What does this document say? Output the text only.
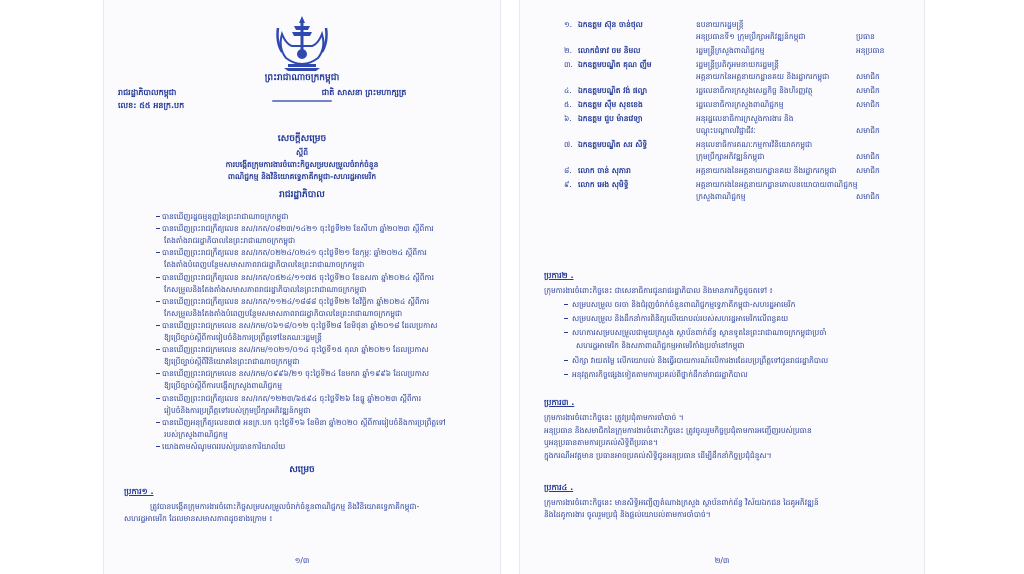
ព្រះរាជាណាចក្រកម្ពុជា
ជាតិ សាសនា ព្រះមហាក្សត្រ
រាជរដ្ឋាភិបាលកម្ពុជា
លេខ: ៥៥ អនក្រ.បក
សេចក្តីសម្រេច
ស្តីពី
ការបង្កើតក្រុមការងារចំពោះកិច្ចសម្របសម្រួលចំរាក់ចំនួន
ពាណិជ្ជកម្ម និងវិនិយោគទ្វេភាគីកម្ពុជា-សហរដ្ឋអាមេរិក
រាជរដ្ឋាភិបាល
បានឃើញរដ្ឋធម្មនុញ្ញនៃព្រះរាជាណាចក្រកម្ពុជា
បានឃើញព្រះរាជក្រឹត្យលេខ នស/រកត/០៨២៣/១៤២១ ចុះថ្ងៃទី២២ ខែសីហា ឆ្នាំ២០២៣ ស្តីពីការ
តែងតាំងរាជរដ្ឋាភិបាលនៃព្រះរាជាណាចក្រកម្ពុជា
បានឃើញព្រះរាជក្រឹត្យលេខ នស/រកត/០២២៤/០២៤១ ចុះថ្ងៃទី២១ ខែកុម្ភៈ ឆ្នាំ២០២៤ ស្តីពីការ
តែងតាំងបំពេញបន្ថែមសមាសភាពរាជរដ្ឋាភិបាលនៃព្រះរាជាណាចក្រកម្ពុជា
បានឃើញព្រះរាជក្រឹត្យលេខ នស/រកត/០៥២៤/១១៧៥ ចុះថ្ងៃទី២០ ខែឧសភា ឆ្នាំ២០២៤ ស្តីពីការ
កែសម្រួលនិងតែងតាំងសមាសភាពរាជរដ្ឋាភិបាលនៃព្រះរាជាណាចក្រកម្ពុជា
បានឃើញព្រះរាជក្រឹត្យលេខ នស/រកត/១១២៤/១៨៨៨ ចុះថ្ងៃទី២២ ខែវិច្ឆិកា ឆ្នាំ២០២៤ ស្តីពីការ
កែសម្រួលនិងតែងតាំងបំពេញបន្ថែមសមាសភាពរាជរដ្ឋាភិបាលនៃព្រះរាជាណាចក្រកម្ពុជា
បានឃើញព្រះរាជក្រមលេខ នស/រកម/០៦១៨/០១២ ចុះថ្ងៃទី២៨ ខែមិថុនា ឆ្នាំ២០១៨ ដែលប្រកាស
ឱ្យប្រើច្បាប់ស្តីពីការរៀបចំនិងការប្រព្រឹត្តទៅនៃគណៈរដ្ឋមន្ត្រី
បានឃើញព្រះរាជក្រមលេខ នស/រកម/១០២១/០១៤ ចុះថ្ងៃទី១៥ តុលា ឆ្នាំ២០២១ ដែលប្រកាស
ឱ្យប្រើច្បាប់ស្តីពីវិនិយោគនៃព្រះរាជាណាចក្រកម្ពុជា
បានឃើញព្រះរាជក្រមលេខ នស/រកម/០៩៩៦/២១ ចុះថ្ងៃទី២៤ ខែមករា ឆ្នាំ១៩៩៦ ដែលប្រកាស
ឱ្យប្រើច្បាប់ស្តីពីការបង្កើតក្រសួងពាណិជ្ជកម្ម
បានឃើញព្រះរាជក្រឹត្យលេខ នស/រកត/១២២៣/៦៥៩៤ ចុះថ្ងៃទី២៦ ខែធ្នូ ឆ្នាំ២០២៣ ស្តីពីការ
រៀបចំនិងការប្រព្រឹត្តទៅរបស់ក្រុមប្រឹក្សាអភិវឌ្ឍន៍កម្ពុជា
បានឃើញអនុក្រឹត្យលេខ៣៧ អនក្រ.បក ចុះថ្ងៃទី១៦ ខែមិនា ឆ្នាំ២០២០ ស្តីពីការរៀបចំនិងការប្រព្រឹត្តទៅ
របស់ក្រសួងពាណិជ្ជកម្ម
យោងតាមសំណូមពររបស់ប្រធានការិយាល័យ
សម្រេច
ប្រការ១ .
ត្រូវបានបង្កើតក្រុមការងារចំពោះកិច្ចសម្របសម្រួលចំរាក់ចំនួនពាណិជ្ជកម្ម និងវិនិយោគទ្វេភាគីកម្ពុជា-
សហរដ្ឋអាមេរិក ដែលមានសមាសភាពដូចខាងក្រោម ៖
១/៣
១. ឯកឧត្តម ស៊ុន ចាន់ថុល	ឧបនាយករដ្ឋមន្ត្រី
អនុប្រធានទី១ ក្រុមប្រឹក្សាអភិវឌ្ឍន៍កម្ពុជា	ប្រធាន
២. លោកជំទាវ ចម និមល	រដ្ឋមន្ត្រីក្រសួងពាណិជ្ជកម្ម	អនុប្រធាន
៣. ឯកឧត្តមបណ្ឌិត គុណ ញឹម	រដ្ឋមន្ត្រីប្រតិភូអមនាយករដ្ឋមន្ត្រី
អគ្គនាយកនៃអគ្គនាយកដ្ឋានគយ និងរដ្ឋាករកម្ពុជា	សមាជិក
៤. ឯកឧត្តមបណ្ឌិត វង់ ផល្លា	រដ្ឋលេខាធិការក្រសួងសេដ្ឋកិច្ច និងហិរញ្ញវត្ថុ	សមាជិក
៥. ឯកឧត្តម ស៊ឹម សុខខេង	រដ្ឋលេខាធិការក្រសួងពាណិជ្ជកម្ម	សមាជិក
៦. ឯកឧត្តម ជួប ម៉ានវេទ្យា	អនុរដ្ឋលេខាធិការក្រសួងការងារ និង
បណ្តុះបណ្តាលវិជ្ជាជីវៈ	សមាជិក
៧. ឯកឧត្តមបណ្ឌិត សរ សិទ្ធិ	អនុលេខាធិការគណៈកម្មការវិនិយោគកម្ពុជា
ក្រុមប្រឹក្សាអភិវឌ្ឍន៍កម្ពុជា	សមាជិក
៨. លោក ចាន់ សុភារា	អគ្គនាយករងនៃអគ្គនាយកដ្ឋានគយ និងរដ្ឋាករកម្ពុជា	សមាជិក
៩. លោក អេង សុមិទ្ធិ	អគ្គនាយករងនៃអគ្គនាយកដ្ឋានគោលនយោបាយពាណិជ្ជកម្ម
ក្រសួងពាណិជ្ជកម្ម	សមាជិក
ប្រការ២ .
ក្រុមការងារចំពោះកិច្ចនេះ ជាសេនាធិការជូនរាជរដ្ឋាភិបាល និងមានភារកិច្ចដូចតទៅ ៖
សម្របសម្រួល ចរចា និងជំរុញចំរាក់ចំនួនពាណិជ្ជកម្មទ្វេភាគីកម្ពុជា-សហរដ្ឋអាមេរិក
សម្របសម្រួល និងដឹកនាំការពិនិត្យលើយោបល់របស់សហរដ្ឋអាមេរិកលើពន្ធគយ
សហការសម្របសម្រួលជាមួយក្រសួង ស្ថាប័នពាក់ព័ន្ធ ស្ថានទូតនៃព្រះរាជាណាចក្រកម្ពុជាប្រចាំ
សហរដ្ឋអាមេរិក និងសភាពាណិជ្ជកម្មអាមេរិកាំងប្រចាំនៅកម្ពុជា
សិក្សា វាយតម្លៃ លើកយោបល់ និងធ្វើរបាយការណ៍លើការងារដែលប្រព្រឹត្តទៅជូនរាជរដ្ឋាភិបាល
អនុវត្តភារកិច្ចផ្សេងទៀតតាមការប្រគល់ពីថ្នាក់ដឹកនាំរាជរដ្ឋាភិបាល
ប្រការ៣ .
ក្រុមការងារចំពោះកិច្ចនេះ ត្រូវប្រជុំតាមការចាំបាច់ ។
អនុប្រធាន និងសមាជិកនៃក្រុមការងារចំពោះកិច្ចនេះ ត្រូវចូលរួមកិច្ចប្រជុំតាមការអញ្ជើញរបស់ប្រធាន
ឬអនុប្រធានតាមការប្រគល់សិទ្ធិពីប្រធាន។
ក្នុងករណីអវត្តមាន ប្រធានអាចប្រគល់សិទ្ធិជូនអនុប្រធាន ដើម្បីដឹកនាំកិច្ចប្រជុំជំនួស។
ប្រការ៤ .
ក្រុមការងារចំពោះកិច្ចនេះ មានសិទ្ធិអញ្ជើញតំណាងក្រសួង ស្ថាប័នពាក់ព័ន្ធ វិស័យឯកជន ដៃគូអភិវឌ្ឍន៍
និងដៃគូការងារ ចូលរួមប្រជុំ និងផ្តល់យោបល់តាមការចាំបាច់។
២/៣
